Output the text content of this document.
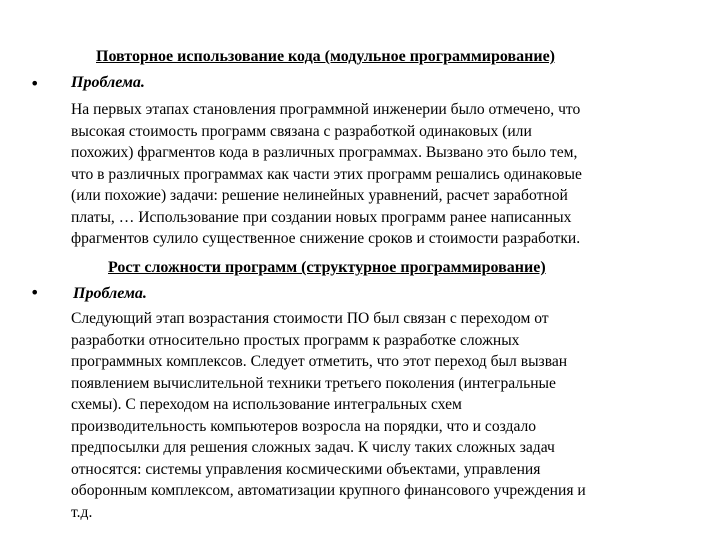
Повторное использование кода (модульное программирование)
• Проблема.
На первых этапах становления программной инженерии было отмечено, что
высокая стоимость программ связана с разработкой одинаковых (или
похожих) фрагментов кода в различных программах. Вызвано это было тем,
что в различных программах как части этих программ решались одинаковые
(или похожие) задачи: решение нелинейных уравнений, расчет заработной
платы, … Использование при создании новых программ ранее написанных
фрагментов сулило существенное снижение сроков и стоимости разработки.
Рост сложности программ (структурное программирование)
• Проблема.
Следующий этап возрастания стоимости ПО был связан с переходом от
разработки относительно простых программ к разработке сложных
программных комплексов. Следует отметить, что этот переход был вызван
появлением вычислительной техники третьего поколения (интегральные
схемы). С переходом на использование интегральных схем
производительность компьютеров возросла на порядки, что и создало
предпосылки для решения сложных задач. К числу таких сложных задач
относятся: системы управления космическими объектами, управления
оборонным комплексом, автоматизации крупного финансового учреждения и
т.д.
